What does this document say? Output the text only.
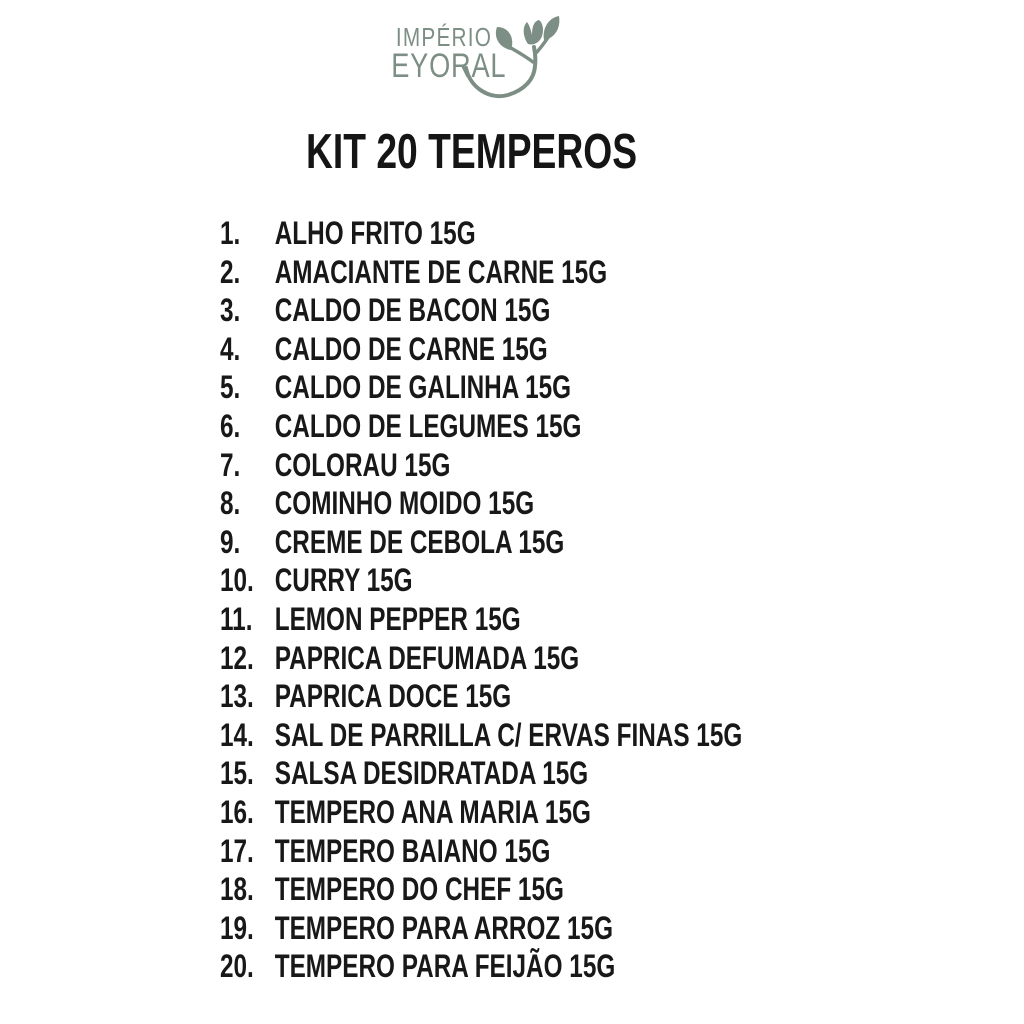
IMPÉRIO
EYORAL
KIT 20 TEMPEROS
1.	ALHO FRITO 15G
2.	AMACIANTE DE CARNE 15G
3.	CALDO DE BACON 15G
4.	CALDO DE CARNE 15G
5.	CALDO DE GALINHA 15G
6.	CALDO DE LEGUMES 15G
7.	COLORAU 15G
8.	COMINHO MOIDO 15G
9.	CREME DE CEBOLA 15G
10. CURRY 15G
11. LEMON PEPPER 15G
12. PAPRICA DEFUMADA 15G
13. PAPRICA DOCE 15G
14. SAL DE PARRILLA C/ ERVAS FINAS 15G
15. SALSA DESIDRATADA 15G
16. TEMPERO ANA MARIA 15G
17. TEMPERO BAIANO 15G
18. TEMPERO DO CHEF 15G
19. TEMPERO PARA ARROZ 15G
20. TEMPERO PARA FEIJÃO 15G
